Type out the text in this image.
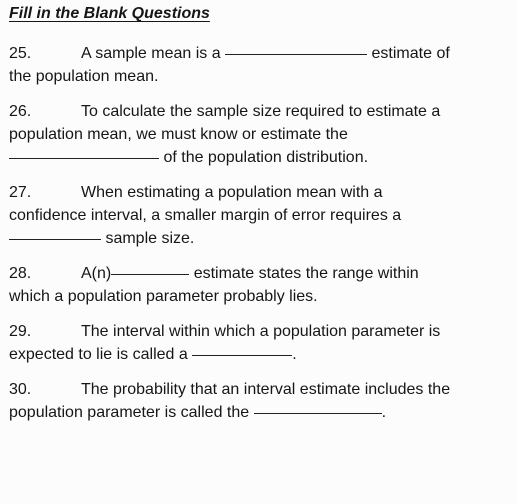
Fill in the Blank Questions
25.	A sample mean is a	estimate of
the population mean.
26.	To calculate the sample size required to estimate a
population mean, we must know or estimate the
of the population distribution.
27.	When estimating a population mean with a
confidence interval, a smaller margin of error requires a
sample size.
28.	A(n)	estimate states the range within
which a population parameter probably lies.
29.	The interval within which a population parameter is
expected to lie is called a	.
30.	The probability that an interval estimate includes the
population parameter is called the	.
